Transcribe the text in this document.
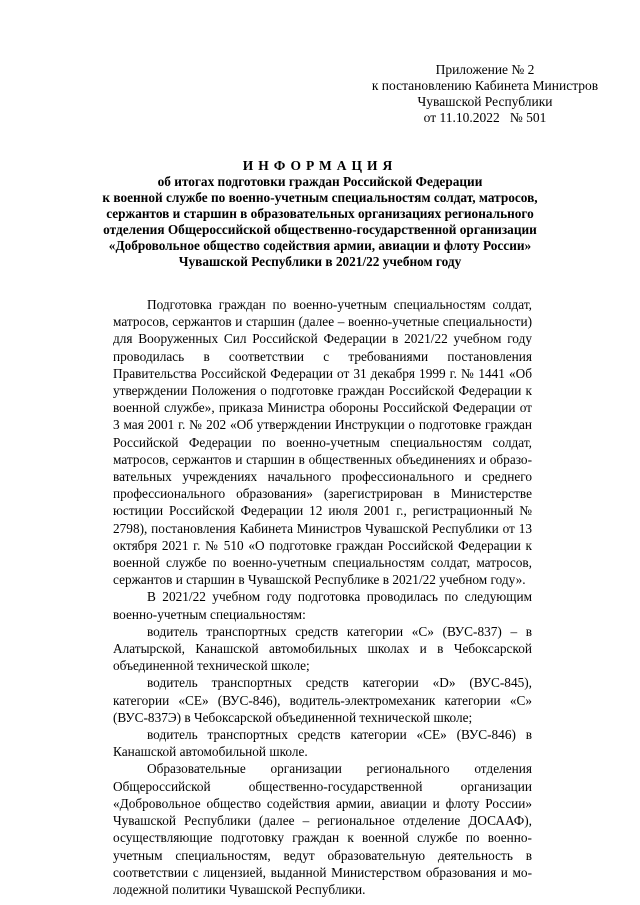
Приложение № 2
к постановлению Кабинета Министров
Чувашской Республики
от 11.10.2022   № 501
ИНФОРМАЦИЯ
об итогах подготовки граждан Российской Федерации
к военной службе по военно-учетным специальностям солдат, матросов,
сержантов и старшин в образовательных организациях регионального
отделения Общероссийской общественно-государственной организации
«Добровольное общество содействия армии, авиации и флоту России»
Чувашской Республики в 2021/22 учебном году

Подготовка граждан по военно-учетным специальностям солдат, матросов, сержантов и старшин (далее – военно-учетные специальности) для Вооруженных Сил Российской Федерации в 2021/22 учебном году проводилась в соответствии с требованиями постановления Правительства Российской Федерации от 31 декабря 1999 г. № 1441 «Об утверждении Положения о подготовке граждан Российской Федерации к военной службе», приказа Министра обороны Российской Федерации от 3 мая 2001 г. № 202 «Об утверждении Инструкции о подготовке граждан Российской Федерации по военно-учетным специальностям солдат, матросов, сержантов и старшин в общественных объединениях и образовательных учреждениях начального профессионального и среднего профессионального образования» (зарегистрирован в Министерстве юстиции Российской Федерации 12 июля 2001 г., регистрационный № 2798), постановления Кабинета Министров Чувашской Республики от 13 октября 2021 г. № 510 «О подготовке граждан Российской Федерации к военной службе по военно-учетным специальностям солдат, матросов, сержантов и старшин в Чувашской Республике в 2021/22 учебном году».

В 2021/22 учебном году подготовка проводилась по следующим военно-учетным специальностям:

водитель транспортных средств категории «С» (ВУС-837) – в Алатырской, Канашской автомобильных школах и в Чебоксарской объединенной технической школе;

водитель транспортных средств категории «D» (ВУС-845), категории «CE» (ВУС-846), водитель-электромеханик категории «С» (ВУС-837Э) в Чебоксарской объединенной технической школе;

водитель транспортных средств категории «CE» (ВУС-846) в Канашской автомобильной школе.

Образовательные организации регионального отделения Общероссийской общественно-государственной организации «Добровольное общество содействия армии, авиации и флоту России» Чувашской Республики (далее – региональное отделение ДОСААФ), осуществляющие подготовку граждан к военной службе по военно-учетным специальностям, ведут образовательную деятельность в соответствии с лицензией, выданной Министерством образования и молодежной политики Чувашской Республики.
